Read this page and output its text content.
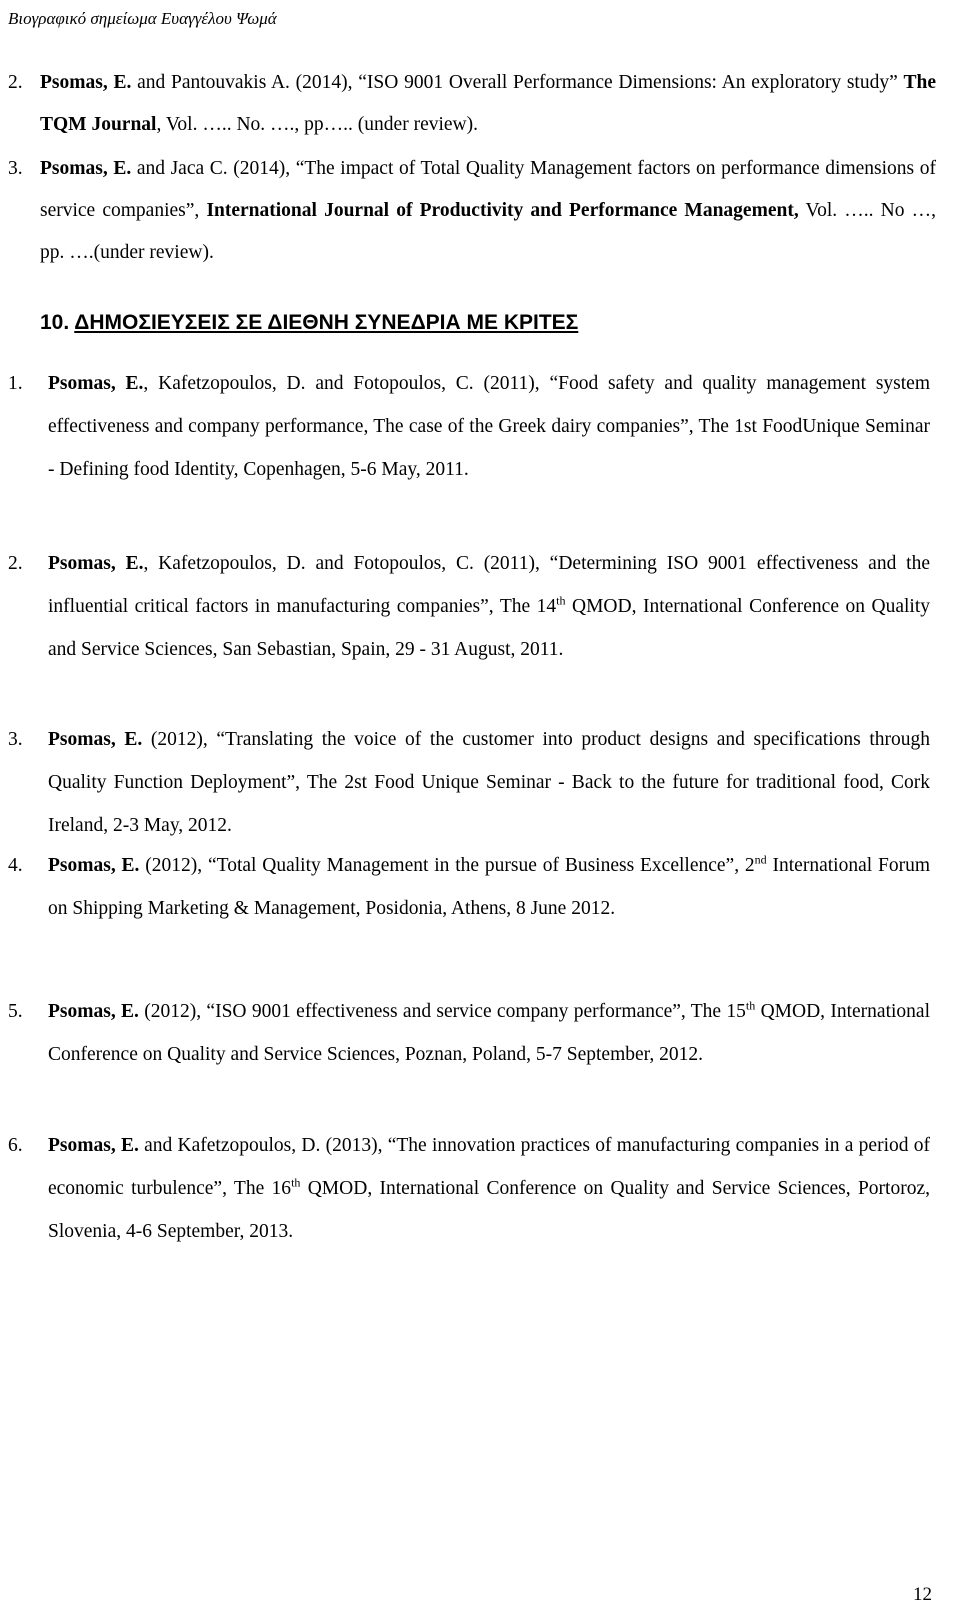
Βιογραφικό σημείωμα Ευαγγέλου Ψωμά
2. Psomas, E. and Pantouvakis A. (2014), “ISO 9001 Overall Performance Dimensions: An exploratory study” The TQM Journal, Vol. ….. No. …., pp….. (under review).
3. Psomas, E. and Jaca C. (2014), “The impact of Total Quality Management factors on performance dimensions of service companies”, International Journal of Productivity and Performance Management, Vol. ….. No …, pp. ….(under review).
10. ΔΗΜΟΣΙΕΥΣΕΙΣ ΣΕ ΔΙΕΘΝΗ ΣΥΝΕΔΡΙΑ ΜΕ ΚΡΙΤΕΣ
1. Psomas, E., Kafetzopoulos, D. and Fotopoulos, C. (2011), “Food safety and quality management system effectiveness and company performance, The case of the Greek dairy companies”, The 1st FoodUnique Seminar - Defining food Identity, Copenhagen, 5-6 May, 2011.
2. Psomas, E., Kafetzopoulos, D. and Fotopoulos, C. (2011), “Determining ISO 9001 effectiveness and the influential critical factors in manufacturing companies”, The 14th QMOD, International Conference on Quality and Service Sciences, San Sebastian, Spain, 29 - 31 August, 2011.
3. Psomas, E. (2012), “Translating the voice of the customer into product designs and specifications through Quality Function Deployment”, The 2st Food Unique Seminar - Back to the future for traditional food, Cork Ireland, 2-3 May, 2012.
4. Psomas, E. (2012), “Total Quality Management in the pursue of Business Excellence”, 2nd International Forum on Shipping Marketing & Management, Posidonia, Athens, 8 June 2012.
5. Psomas, E. (2012), “ISO 9001 effectiveness and service company performance”, The 15th QMOD, International Conference on Quality and Service Sciences, Poznan, Poland, 5-7 September, 2012.
6. Psomas, E. and Kafetzopoulos, D. (2013), “The innovation practices of manufacturing companies in a period of economic turbulence”, The 16th QMOD, International Conference on Quality and Service Sciences, Portoroz, Slovenia, 4-6 September, 2013.
12
